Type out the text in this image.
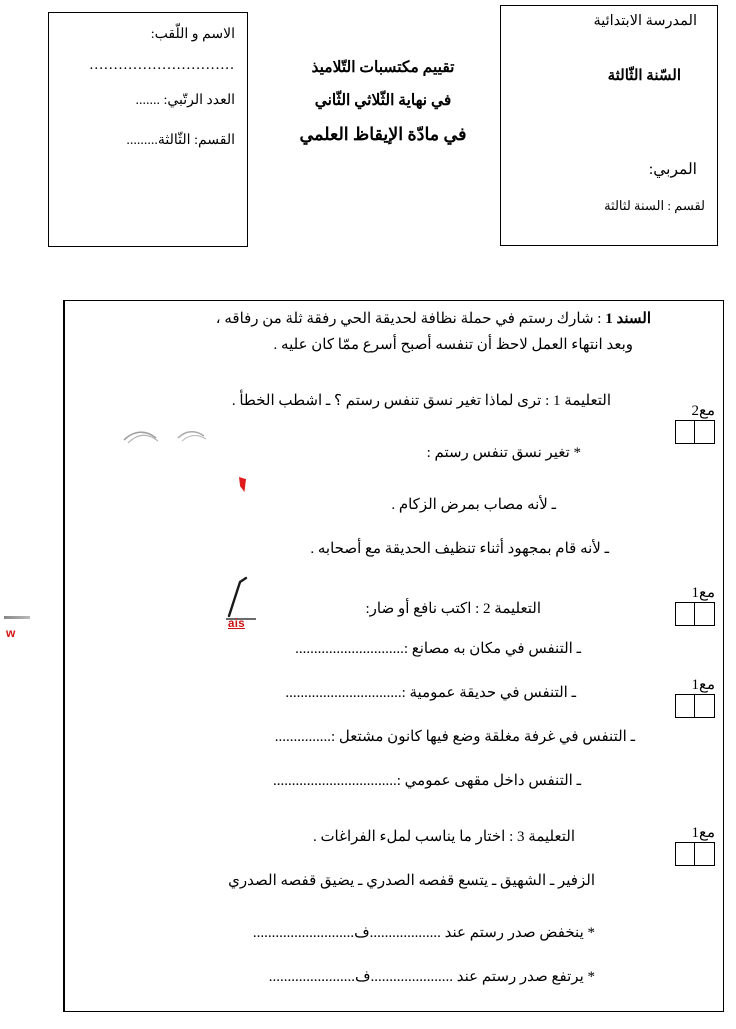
الاسم و اللّقب:
..............................
العدد الرتّبي: .......
القسم: الثّالثة.........
تقييم مكتسبات التّلاميذ
في نهاية الثّلاثي الثّاني
في مادّة الإيقاظ العلمي
المدرسة الابتدائية
السّنة الثّالثة
المربي:
لقسم : السنة لثالثة
السند 1 : شارك رستم في حملة نظافة لحديقة الحي رفقة ثلة من رفاقه ،
وبعد انتهاء العمل لاحظ أن تنفسه أصبح أسرع ممّا كان عليه .
التعليمة 1 : ترى لماذا تغير نسق تنفس رستم ؟ ـ اشطب الخطأ .
* تغير نسق تنفس رستم :
ـ لأنه مصاب بمرض الزكام .
ـ لأنه قام بمجهود أثناء تنظيف الحديقة مع أصحابه .
التعليمة 2 : اكتب نافع أو ضار:
ـ التنفس في مكان به مصانع :.............................
ـ التنفس في حديقة عمومية :...............................
ـ التنفس في غرفة مغلقة وضع فيها كانون مشتعل :...............
ـ التنفس داخل مقهى عمومي :.................................
التعليمة 3 : اختار ما يناسب لملء الفراغات .
الزفير ـ الشهيق ـ يتسع قفصه الصدري ـ يضيق قفصه الصدري
* ينخفض صدر رستم عند ...................ف...........................
* يرتفع صدر رستم عند ......................ف.......................
مع2
مع1
مع1
مع1
ais
w
